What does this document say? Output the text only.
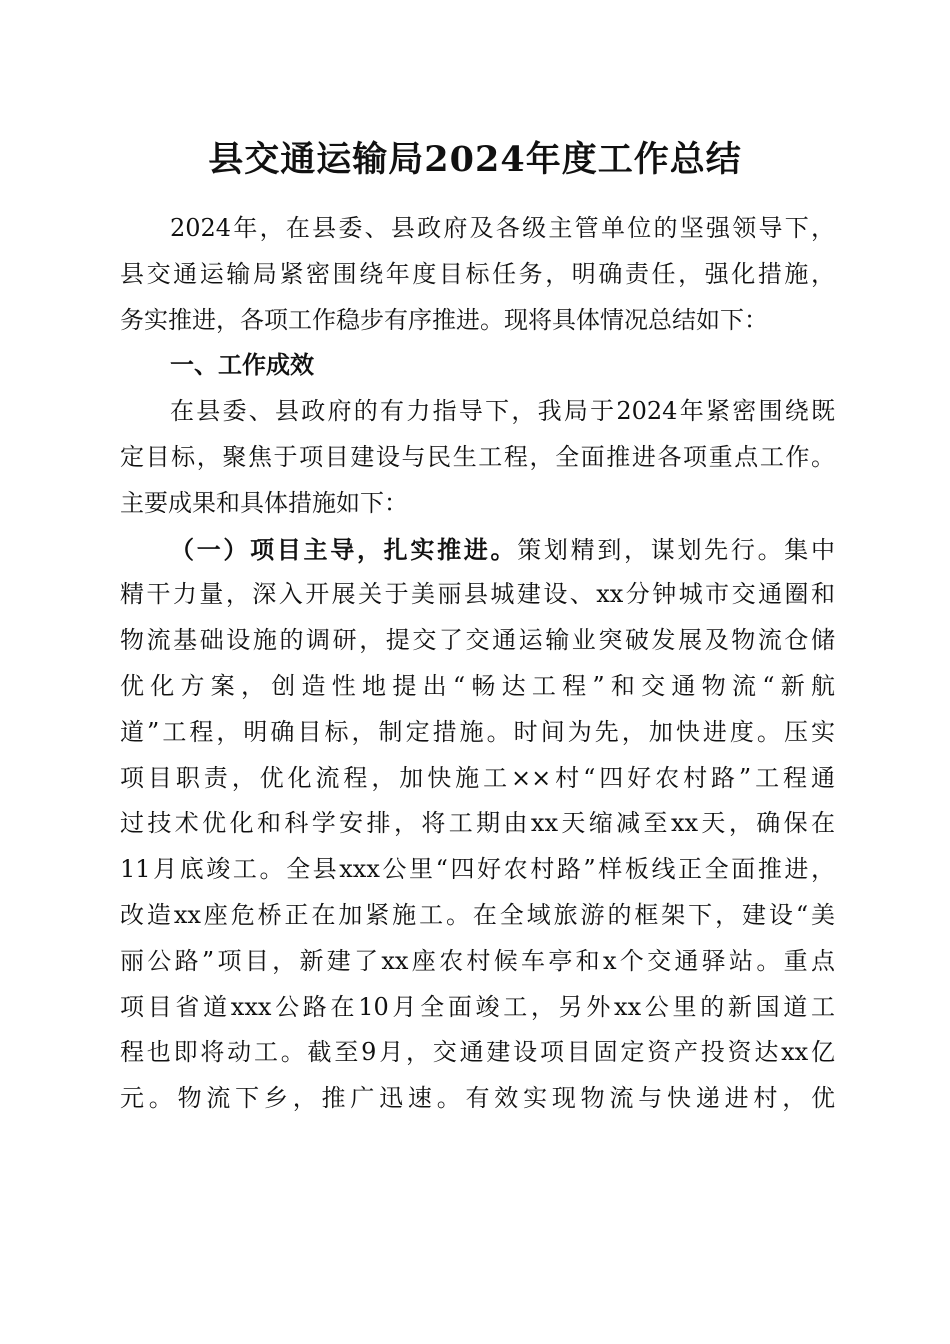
县交通运输局2024年度工作总结
2024年，在县委、县政府及各级主管单位的坚强领导下，
县交通运输局紧密围绕年度目标任务，明确责任，强化措施，
务实推进，各项工作稳步有序推进。现将具体情况总结如下：
一、工作成效
在县委、县政府的有力指导下，我局于2024年紧密围绕既
定目标，聚焦于项目建设与民生工程，全面推进各项重点工作。
主要成果和具体措施如下：
（一）项目主导，扎实推进。策划精到，谋划先行。集中
精干力量，深入开展关于美丽县城建设、xx分钟城市交通圈和
物流基础设施的调研，提交了交通运输业突破发展及物流仓储
优化方案，创造性地提出“畅达工程”和交通物流“新航
道”工程，明确目标，制定措施。时间为先，加快进度。压实
项目职责，优化流程，加快施工××村“四好农村路”工程通
过技术优化和科学安排，将工期由xx天缩减至xx天，确保在
11月底竣工。全县xxx公里“四好农村路”样板线正全面推进，
改造xx座危桥正在加紧施工。在全域旅游的框架下，建设“美
丽公路”项目，新建了xx座农村候车亭和x个交通驿站。重点
项目省道xxx公路在10月全面竣工，另外xx公里的新国道工
程也即将动工。截至9月，交通建设项目固定资产投资达xx亿
元。物流下乡，推广迅速。有效实现物流与快递进村，优
